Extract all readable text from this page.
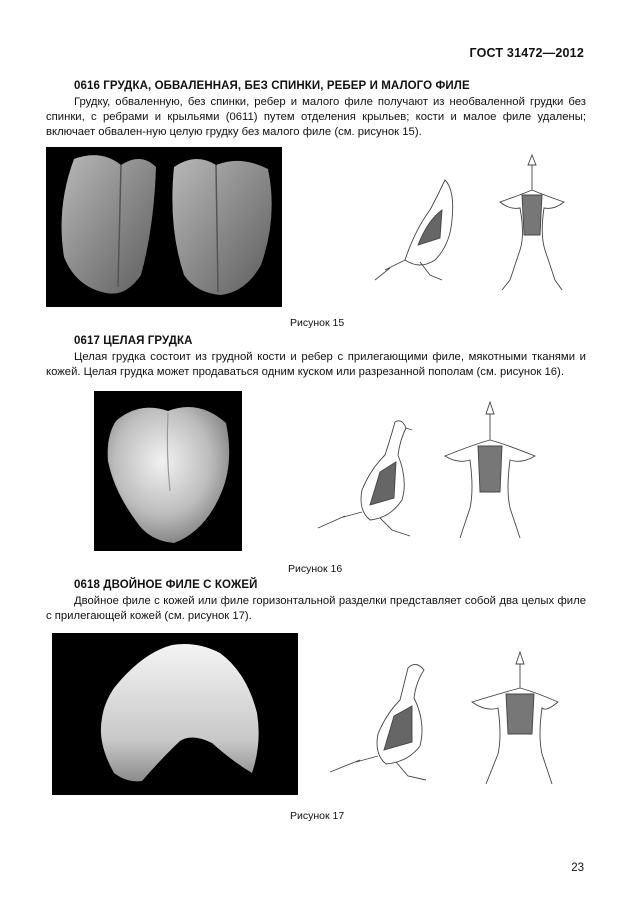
ГОСТ 31472—2012
0616 ГРУДКА, ОБВАЛЕННАЯ, БЕЗ СПИНКИ, РЕБЕР И МАЛОГО ФИЛЕ
Грудку, обваленную, без спинки, ребер и малого филе получают из необваленной грудки без спинки, с ребрами и крыльями (0611) путем отделения крыльев; кости и малое филе удалены; включает обвален-ную целую грудку без малого филе (см. рисунок 15).
Рисунок 15
0617 ЦЕЛАЯ ГРУДКА
Целая грудка состоит из грудной кости и ребер с прилегающими филе, мякотными тканями и кожей. Целая грудка может продаваться одним куском или разрезанной пополам (см. рисунок 16).
Рисунок 16
0618 ДВОЙНОЕ ФИЛЕ С КОЖЕЙ
Двойное филе с кожей или филе горизонтальной разделки представляет собой два целых филе с прилегающей кожей (см. рисунок 17).
Рисунок 17
23
